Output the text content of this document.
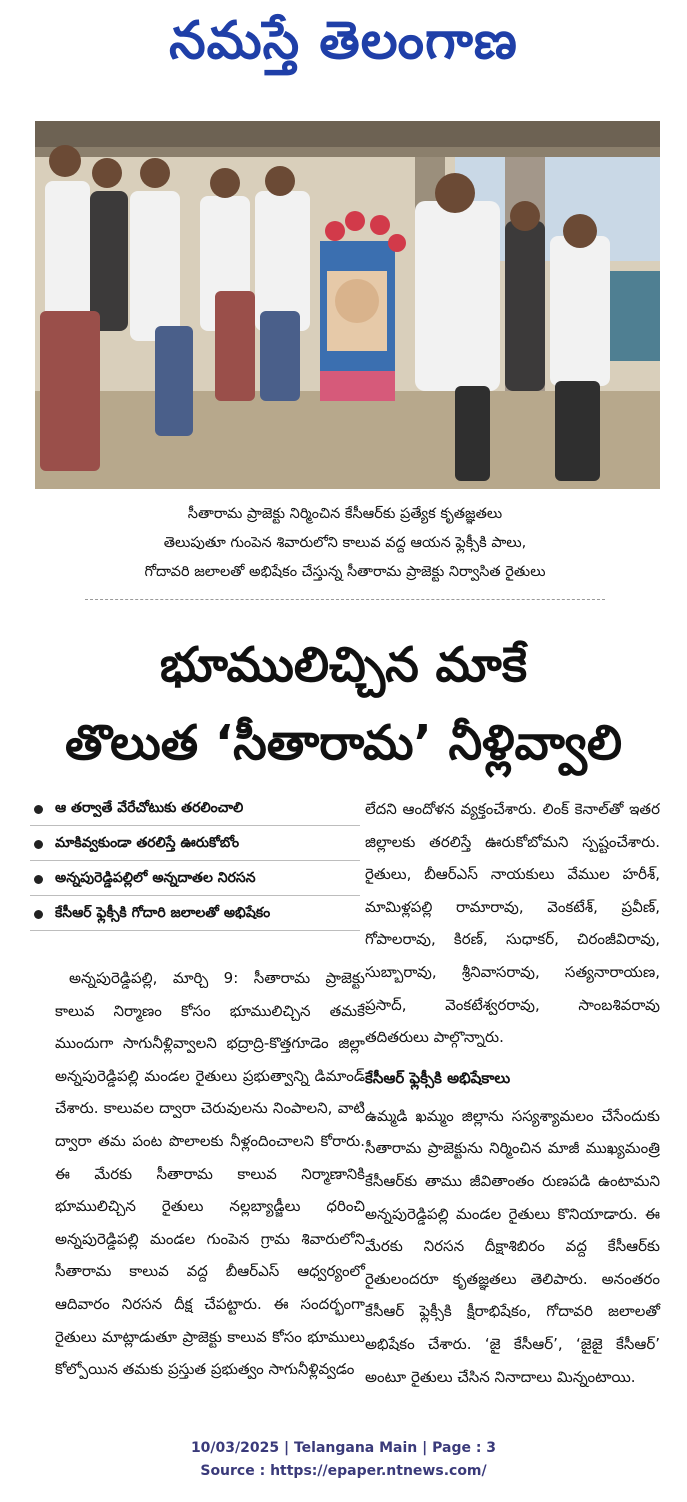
నమస్తే తెలంగాణ
సీతారామ ప్రాజెక్టు నిర్మించిన కేసీఆర్‌కు ప్రత్యేక కృతజ్ఞతలు
తెలుపుతూ గుంపెన శివారులోని కాలువ వద్ద ఆయన ఫ్లెక్సీకి పాలు,
గోదావరి జలాలతో అభిషేకం చేస్తున్న సీతారామ ప్రాజెక్టు నిర్వాసిత రైతులు
భూములిచ్చిన మాకే
తొలుత ‘సీతారామ’ నీళ్లివ్వాలి
ఆ తర్వాతే వేరేచోటుకు తరలించాలి
మాకివ్వకుండా తరలిస్తే ఊరుకోబోం
అన్నపురెడ్డిపల్లిలో అన్నదాతల నిరసన
కేసీఆర్ ఫ్లెక్సీకి గోదారి జలాలతో అభిషేకం

అన్నపురెడ్డిపల్లి, మార్చి 9: సీతారామ ప్రాజెక్టు కాలువ నిర్మాణం కోసం భూములిచ్చిన తమకే ముందుగా సాగునీళ్లివ్వాలని భద్రాద్రి-కొత్తగూడెం జిల్లా అన్నపురెడ్డిపల్లి మండల రైతులు ప్రభుత్వాన్ని డిమాండ్ చేశారు. కాలువల ద్వారా చెరువులను నింపాలని, వాటి ద్వారా తమ పంట పొలాలకు నీళ్లందించాలని కోరారు. ఈ మేరకు సీతారామ కాలువ నిర్మాణానికి భూములిచ్చిన రైతులు నల్లబ్యాడ్జీలు ధరించి అన్నపురెడ్డిపల్లి మండల గుంపెన గ్రామ శివారులోని సీతారామ కాలువ వద్ద బీఆర్ఎస్ ఆధ్వర్యంలో ఆదివారం నిరసన దీక్ష చేపట్టారు. ఈ సందర్భంగా రైతులు మాట్లాడుతూ ప్రాజెక్టు కాలువ కోసం భూములు కోల్పోయిన తమకు ప్రస్తుత ప్రభుత్వం సాగునీళ్లివ్వడం

లేదని ఆందోళన వ్యక్తంచేశారు. లింక్ కెనాల్‌తో ఇతర జిల్లాలకు తరలిస్తే ఊరుకోబోమని స్పష్టంచేశారు. రైతులు, బీఆర్ఎస్ నాయకులు వేముల హరీశ్, మామిళ్లపల్లి రామారావు, వెంకటేశ్, ప్రవీణ్, గోపాలరావు, కిరణ్, సుధాకర్, చిరంజీవిరావు, సుబ్బారావు, శ్రీనివాసరావు, సత్యనారాయణ, ప్రసాద్, వెంకటేశ్వరరావు, సాంబశివరావు తదితరులు పాల్గొన్నారు.

కేసీఆర్ ఫ్లెక్సీకి అభిషేకాలు

ఉమ్మడి ఖమ్మం జిల్లాను సస్యశ్యామలం చేసేందుకు సీతారామ ప్రాజెక్టును నిర్మించిన మాజీ ముఖ్యమంత్రి కేసీఆర్‌కు తాము జీవితాంతం రుణపడి ఉంటామని అన్నపురెడ్డిపల్లి మండల రైతులు కొనియాడారు. ఈ మేరకు నిరసన దీక్షాశిబిరం వద్ద కేసీఆర్‌కు రైతులందరూ కృతజ్ఞతలు తెలిపారు. అనంతరం కేసీఆర్ ఫ్లెక్సీకి క్షీరాభిషేకం, గోదావరి జలాలతో అభిషేకం చేశారు. ‘జై కేసీఆర్’, ‘జైజై కేసీఆర్’ అంటూ రైతులు చేసిన నినాదాలు మిన్నంటాయి.

10/03/2025 | Telangana Main | Page : 3
Source : https://epaper.ntnews.com/
